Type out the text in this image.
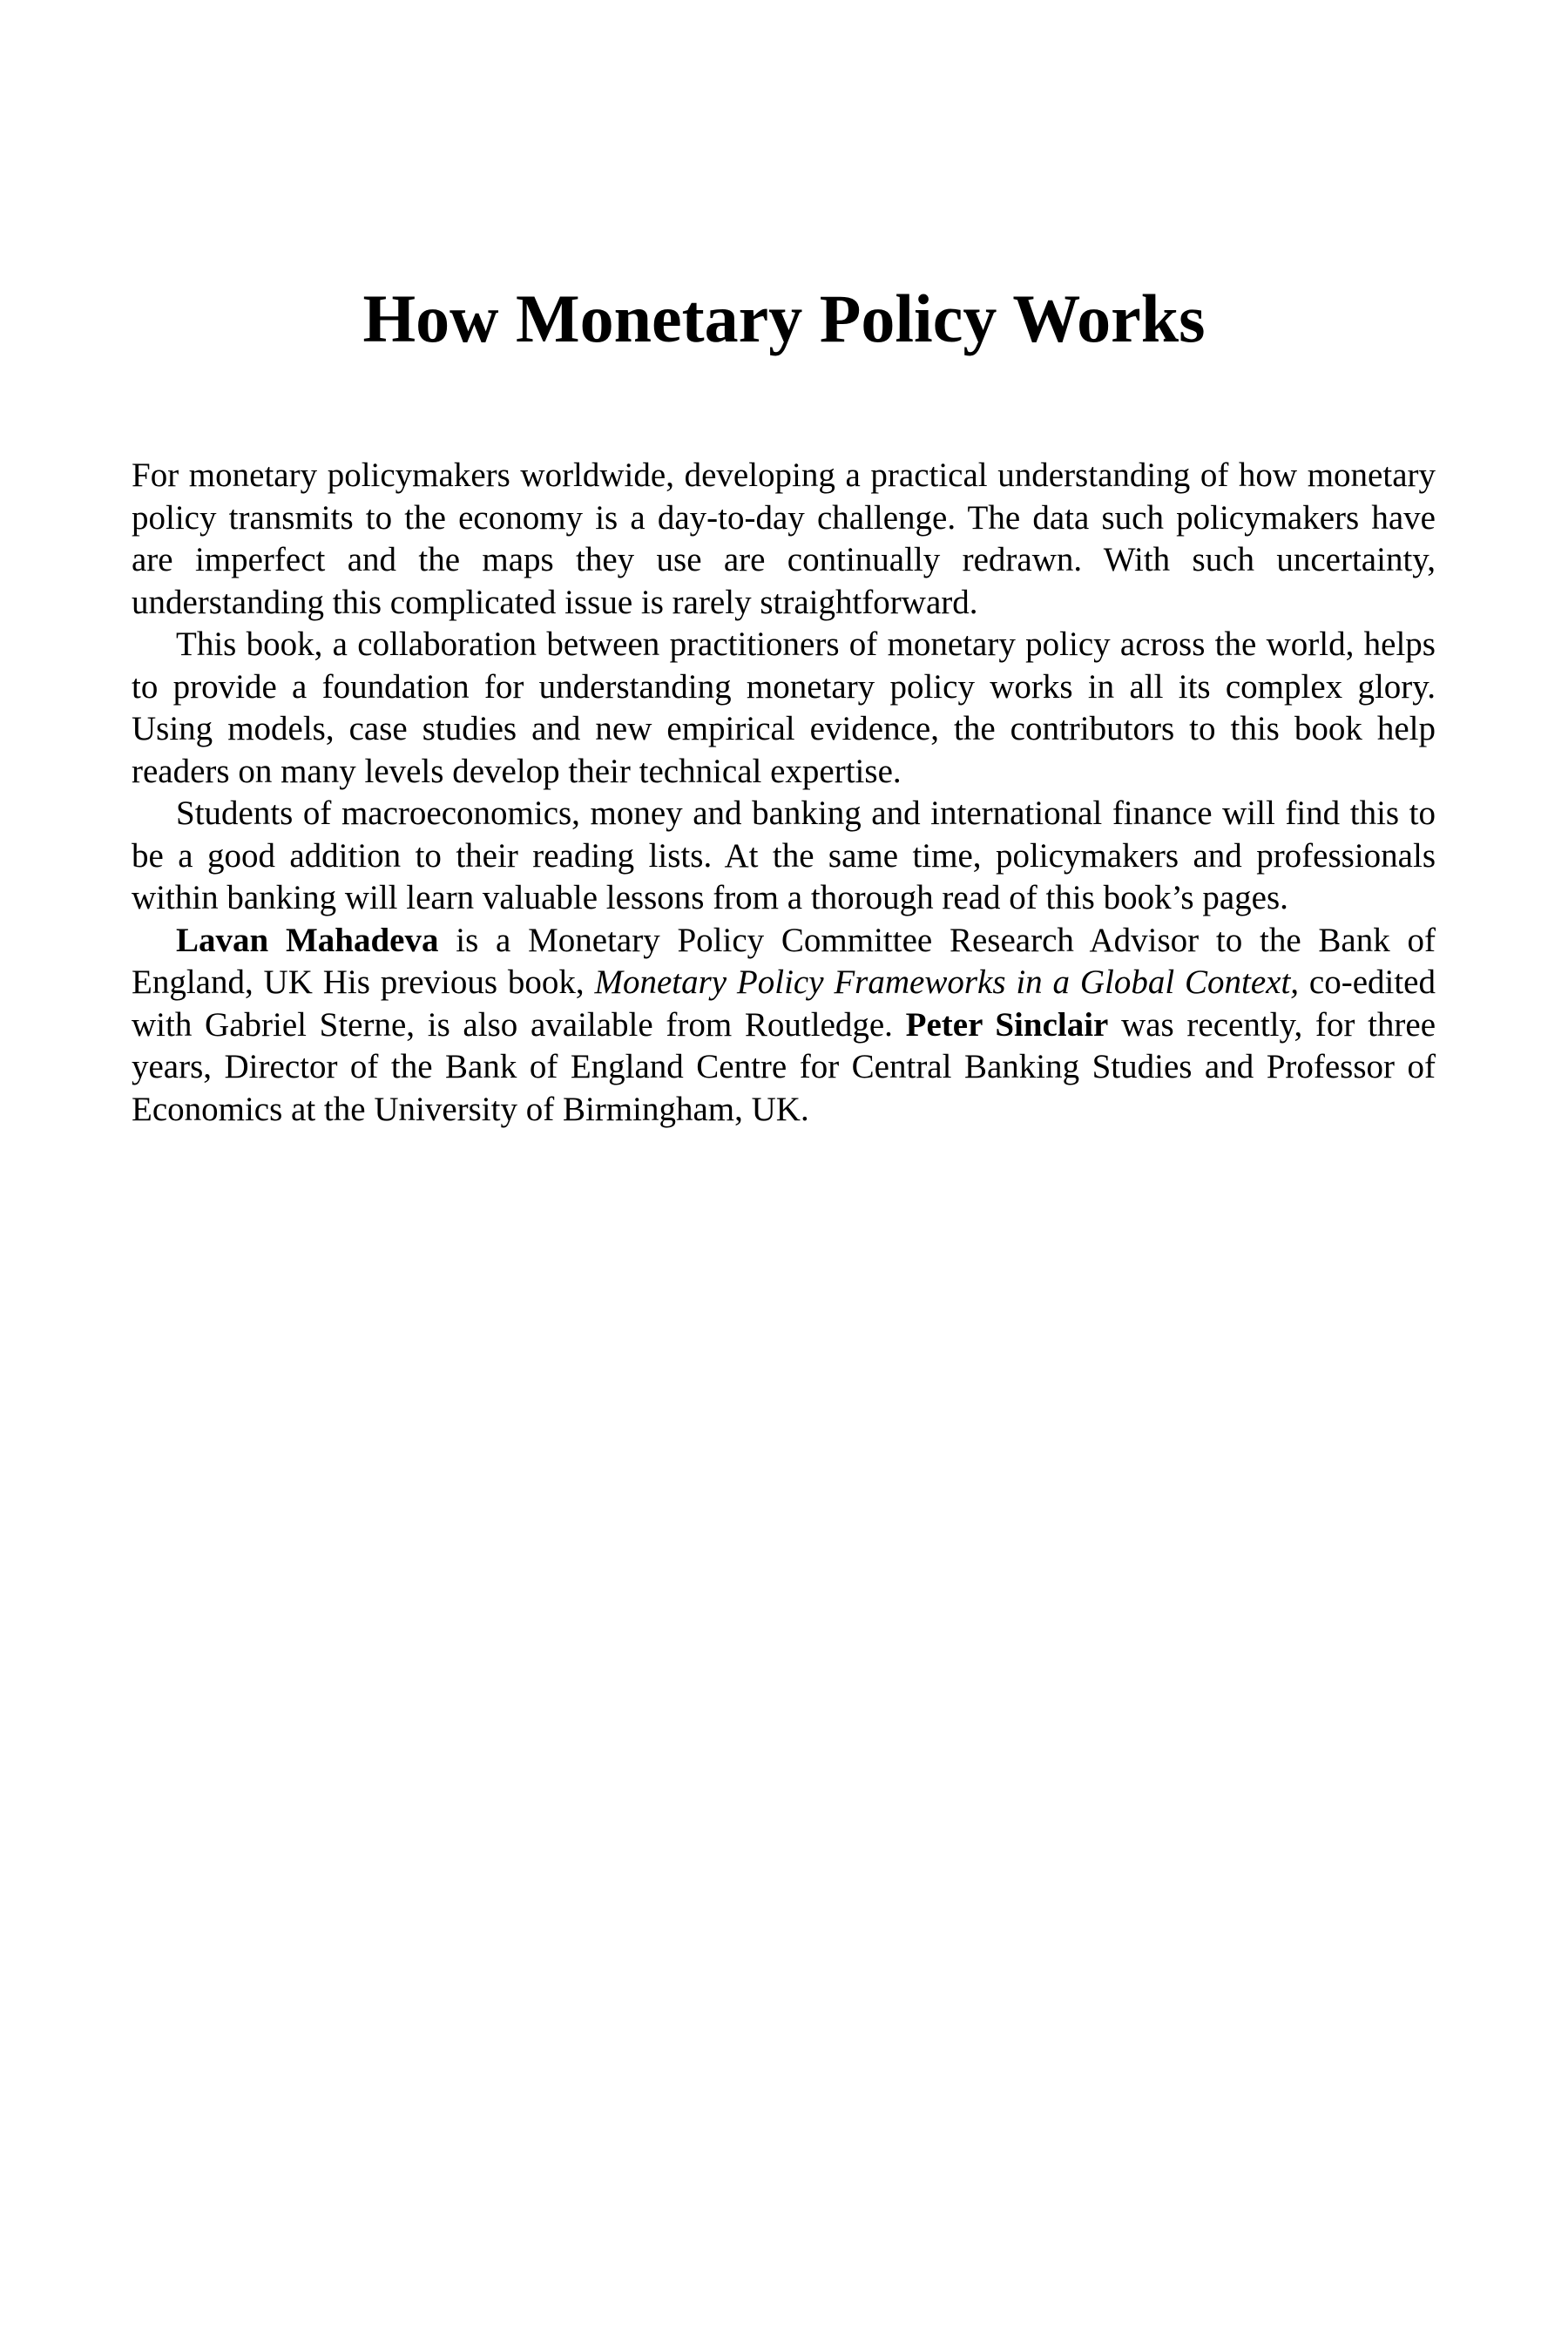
How Monetary Policy Works

For monetary policymakers worldwide, developing a practical understanding of how monetary policy transmits to the economy is a day-to-day challenge. The data such policymakers have are imperfect and the maps they use are continually redrawn. With such uncertainty, understanding this complicated issue is rarely straightforward.

This book, a collaboration between practitioners of monetary policy across the world, helps to provide a foundation for understanding monetary policy works in all its complex glory. Using models, case studies and new empirical evidence, the contributors to this book help readers on many levels develop their technical expertise.

Students of macroeconomics, money and banking and international finance will find this to be a good addition to their reading lists. At the same time, policymakers and professionals within banking will learn valuable lessons from a thorough read of this book’s pages.

Lavan Mahadeva is a Monetary Policy Committee Research Advisor to the Bank of England, UK His previous book, Monetary Policy Frameworks in a Global Context, co-edited with Gabriel Sterne, is also available from Routledge. Peter Sinclair was recently, for three years, Director of the Bank of England Centre for Central Banking Studies and Professor of Economics at the University of Birmingham, UK.
